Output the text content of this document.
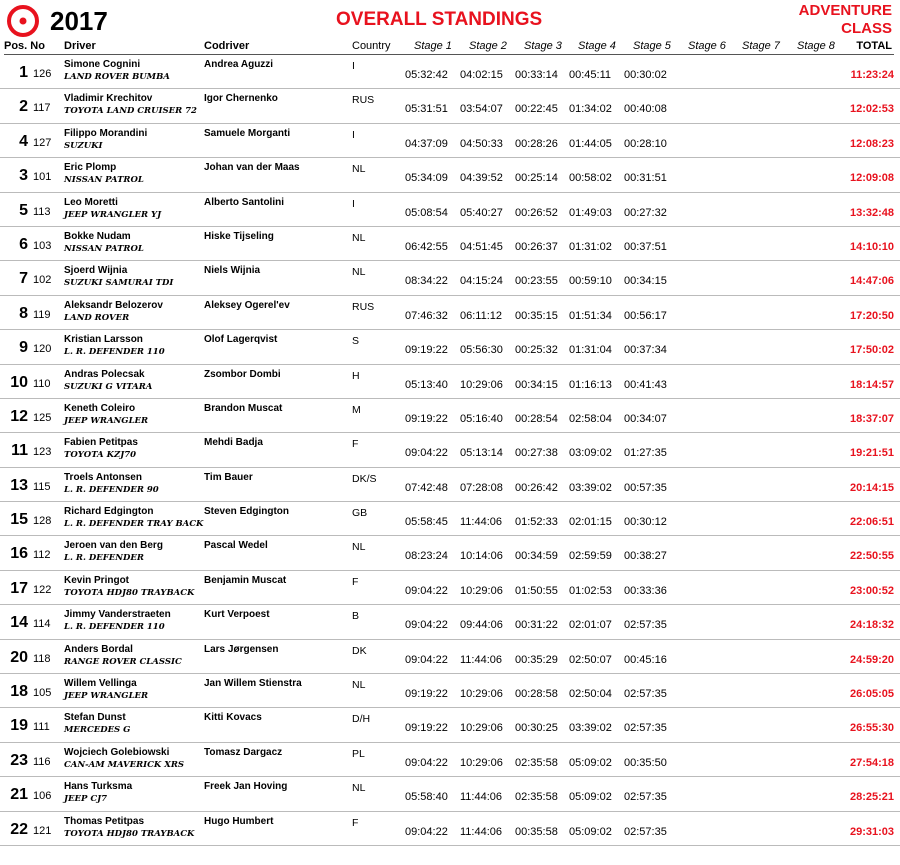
2017	OVERALL STANDINGS	ADVENTURE
CLASS
Pos. No Driver	Codriver	Country Stage 1 Stage 2 Stage 3 Stage 4 Stage 5 Stage 6 Stage 7 Stage 8 TOTAL
1 126
Simone Cognini
LAND ROVER BUMBA
Andrea Aguzzi	I
05:32:42 04:02:15 00:33:14 00:45:11 00:30:02	11:23:24
2 117
Vladimir Krechitov
TOYOTA LAND CRUISER 72
Igor Chernenko	RUS
05:31:51 03:54:07 00:22:45 01:34:02 00:40:08	12:02:53
4 127
Filippo Morandini
SUZUKI
Samuele Morganti	I
04:37:09 04:50:33 00:28:26 01:44:05 00:28:10	12:08:23
3 101
Eric Plomp
NISSAN PATROL
Johan van der Maas	NL
05:34:09 04:39:52 00:25:14 00:58:02 00:31:51	12:09:08
5 113
Leo Moretti
JEEP WRANGLER YJ
Alberto Santolini	I
05:08:54 05:40:27 00:26:52 01:49:03 00:27:32	13:32:48
6 103
Bokke Nudam
NISSAN PATROL
Hiske Tijseling	NL
06:42:55 04:51:45 00:26:37 01:31:02 00:37:51	14:10:10
7 102
Sjoerd Wijnia
SUZUKI SAMURAI TDI
Niels Wijnia	NL
08:34:22 04:15:24 00:23:55 00:59:10 00:34:15	14:47:06
8 119
Aleksandr Belozerov
LAND ROVER
Aleksey Ogerel'ev	RUS
07:46:32 06:11:12 00:35:15 01:51:34 00:56:17	17:20:50
9 120
Kristian Larsson
L. R. DEFENDER 110
Olof Lagerqvist	S
09:19:22 05:56:30 00:25:32 01:31:04 00:37:34	17:50:02
10 110
Andras Polecsak
SUZUKI G VITARA
Zsombor Dombi	H
05:13:40 10:29:06 00:34:15 01:16:13 00:41:43	18:14:57
12 125
Keneth Coleiro
JEEP WRANGLER
Brandon Muscat	M
09:19:22 05:16:40 00:28:54 02:58:04 00:34:07	18:37:07
11 123
Fabien Petitpas
TOYOTA KZJ70
Mehdi Badja	F
09:04:22 05:13:14 00:27:38 03:09:02 01:27:35	19:21:51
13 115
Troels Antonsen
L. R. DEFENDER 90
Tim Bauer	DK/S
07:42:48 07:28:08 00:26:42 03:39:02 00:57:35	20:14:15
15 128
Richard Edgington
L. R. DEFENDER TRAY BACK
Steven Edgington	GB
05:58:45 11:44:06 01:52:33 02:01:15 00:30:12	22:06:51
16 112
Jeroen van den Berg
L. R. DEFENDER
Pascal Wedel	NL
08:23:24 10:14:06 00:34:59 02:59:59 00:38:27	22:50:55
17 122
Kevin Pringot
TOYOTA HDJ80 TRAYBACK
Benjamin Muscat	F
09:04:22 10:29:06 01:50:55 01:02:53 00:33:36	23:00:52
14 114
Jimmy Vanderstraeten
L. R. DEFENDER 110
Kurt Verpoest	B
09:04:22 09:44:06 00:31:22 02:01:07 02:57:35	24:18:32
20 118
Anders Bordal
RANGE ROVER CLASSIC
Lars Jørgensen	DK
09:04:22 11:44:06 00:35:29 02:50:07 00:45:16	24:59:20
18 105
Willem Vellinga
JEEP WRANGLER
Jan Willem Stienstra	NL
09:19:22 10:29:06 00:28:58 02:50:04 02:57:35	26:05:05
19 111
Stefan Dunst
MERCEDES G
Kitti Kovacs	D/H
09:19:22 10:29:06 00:30:25 03:39:02 02:57:35	26:55:30
23 116
Wojciech Golebiowski
CAN-AM MAVERICK XRS
Tomasz Dargacz	PL
09:04:22 10:29:06 02:35:58 05:09:02 00:35:50	27:54:18
21 106
Hans Turksma
JEEP CJ7
Freek Jan Hoving	NL
05:58:40 11:44:06 02:35:58 05:09:02 02:57:35	28:25:21
22 121
Thomas Petitpas
TOYOTA HDJ80 TRAYBACK
Hugo Humbert	F
09:04:22 11:44:06 00:35:58 05:09:02 02:57:35	29:31:03
